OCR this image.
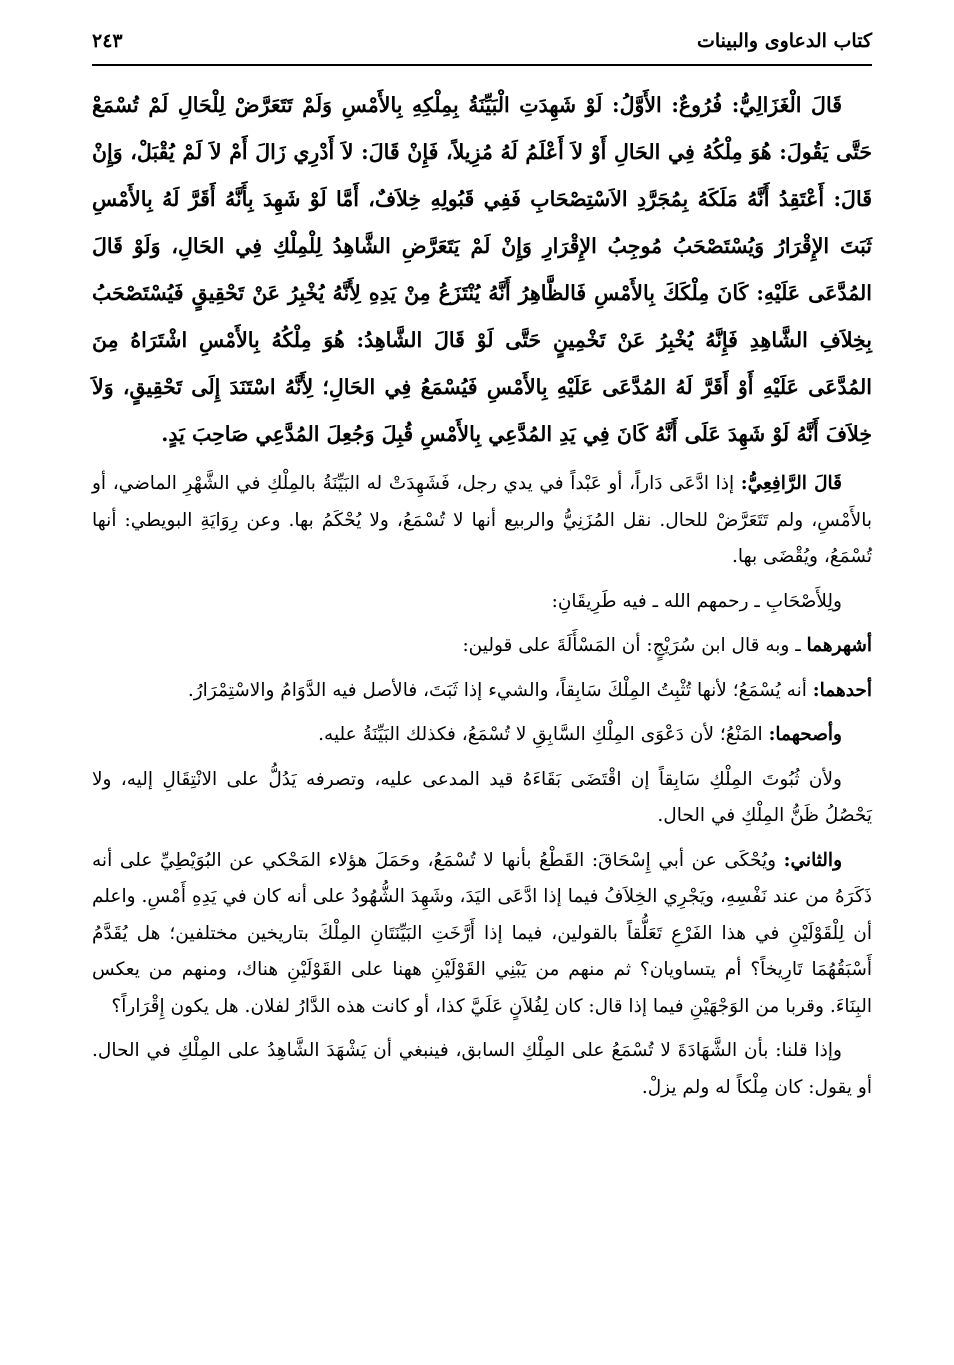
كتاب الدعاوى والبينات
٢٤٣

قَالَ الْغَزَالِيُّ: فُرُوعٌ: الأَوَّلُ: لَوْ شَهِدَتِ الْبَيِّنَةُ بِمِلْكِهِ بِالأَمْسِ وَلَمْ تَتَعَرَّضْ لِلْحَالِ لَمْ تُسْمَعْ حَتَّى يَقُولَ: هُوَ مِلْكُهُ فِي الحَالِ أَوْ لاَ أَعْلَمُ لَهُ مُزِيلاً، فَإِنْ قَالَ: لاَ أَدْرِي زَالَ أَمْ لاَ لَمْ يُقْبَلْ، وَإِنْ قَالَ: أَعْتَقِدُ أَنَّهُ مَلَكَهُ بِمُجَرَّدِ الاَسْتِصْحَابِ فَفِي قَبُولِهِ خِلاَفٌ، أَمَّا لَوْ شَهِدَ بِأَنَّهُ أَقَرَّ لَهُ بِالأَمْسِ ثَبَتَ الإِقْرَارُ وَيُسْتَصْحَبُ مُوجِبُ الإِقْرَارِ وَإِنْ لَمْ يَتَعَرَّضِ الشَّاهِدُ لِلْمِلْكِ فِي الحَالِ، وَلَوْ قَالَ المُدَّعَى عَلَيْهِ: كَانَ مِلْكَكَ بِالأَمْسِ فَالظَّاهِرُ أَنَّهُ يُنْتَزَعُ مِنْ يَدِهِ لِأَنَّهُ يُخْبِرُ عَنْ تَحْقِيقٍ فَيُسْتَصْحَبُ بِخِلاَفِ الشَّاهِدِ فَإِنَّهُ يُخْبِرُ عَنْ تَخْمِينٍ حَتَّى لَوْ قَالَ الشَّاهِدُ: هُوَ مِلْكُهُ بِالأَمْسِ اشْتَرَاهُ مِنَ المُدَّعَى عَلَيْهِ أَوْ أَقَرَّ لَهُ المُدَّعَى عَلَيْهِ بِالأَمْسِ فَيُسْمَعُ فِي الحَالِ؛ لِأَنَّهُ اسْتَنَدَ إِلَى تَحْقِيقٍ، وَلاَ خِلاَفَ أَنَّهُ لَوْ شَهِدَ عَلَى أَنَّهُ كَانَ فِي يَدِ المُدَّعِي بِالأَمْسِ قُبِلَ وَجُعِلَ المُدَّعِي صَاحِبَ يَدٍ.

قَالَ الرَّافِعِيُّ: إذا ادَّعَى دَاراً، أو عَبْداً في يدي رجل، فَشَهِدَتْ له البَيِّنَةُ بالمِلْكِ في الشَّهْرِ الماضي، أو بالأَمْسِ، ولم تَتَعَرَّضْ للحال. نقل المُزَنِيُّ والربيع أنها لا تُسْمَعُ، ولا يُحْكَمُ بها. وعن رِوَايَةِ البويطي: أنها تُسْمَعُ، ويُقْضَى بها.

ولِلأَصْحَابِ ـ رحمهم الله ـ فيه طَرِيقَانِ:

أشهرهما ـ وبه قال ابن سُرَيْجٍ: أن المَسْأَلَةَ على قولين:

أحدهما: أنه يُسْمَعُ؛ لأنها تُثْبِتُ المِلْكَ سَابِقاً، والشيء إذا ثَبَتَ، فالأصل فيه الدَّوَامُ والاسْتِمْرَارُ.

وأصحهما: المَنْعُ؛ لأن دَعْوَى المِلْكِ السَّابِقِ لا تُسْمَعُ، فكذلك البَيِّنَةُ عليه.

ولأن ثُبُوتَ المِلْكِ سَابِقاً إن اقْتَضَى بَقَاءَهُ قيد المدعى عليه، وتصرفه يَدُلُّ على الانْتِقَالِ إليه، ولا يَحْصُلُ ظَنُّ المِلْكِ في الحال.

والثاني: ويُحْكَى عن أبي إِسْحَاقَ: القَطْعُ بأنها لا تُسْمَعُ، وحَمَلَ هؤلاء المَحْكي عن البُوَيْطِيِّ على أنه ذَكَرَهُ من عند نَفْسِهِ، ويَجْرِي الخِلاَفُ فيما إذا ادَّعَى اليَدَ، وشَهِدَ الشُّهُودُ على أنه كان في يَدِهِ أَمْسِ. واعلم أن لِلْقَوْلَيْنِ في هذا الفَرْعِ تَعَلُّقاً بالقولين، فيما إذا أَرَّخَتِ البَيِّنَتَانِ المِلْكَ بتاريخين مختلفين؛ هل يُقَدَّمُ أَسْبَقُهُمَا تَارِيخاً؟ أم يتساويان؟ ثم منهم من يَبْنِي القَوْلَيْنِ ههنا على القَوْلَيْنِ هناك، ومنهم من يعكس البِنَاءَ. وقربا من الوَجْهَيْنِ فيما إذا قال: كان لِفُلاَنٍ عَلَيَّ كذا، أو كانت هذه الدَّارُ لفلان. هل يكون إِقْرَاراً؟

وإذا قلنا: بأن الشَّهَادَةَ لا تُسْمَعُ على المِلْكِ السابق، فينبغي أن يَشْهَدَ الشَّاهِدُ على المِلْكِ في الحال. أو يقول: كان مِلْكاً له ولم يزلْ.
